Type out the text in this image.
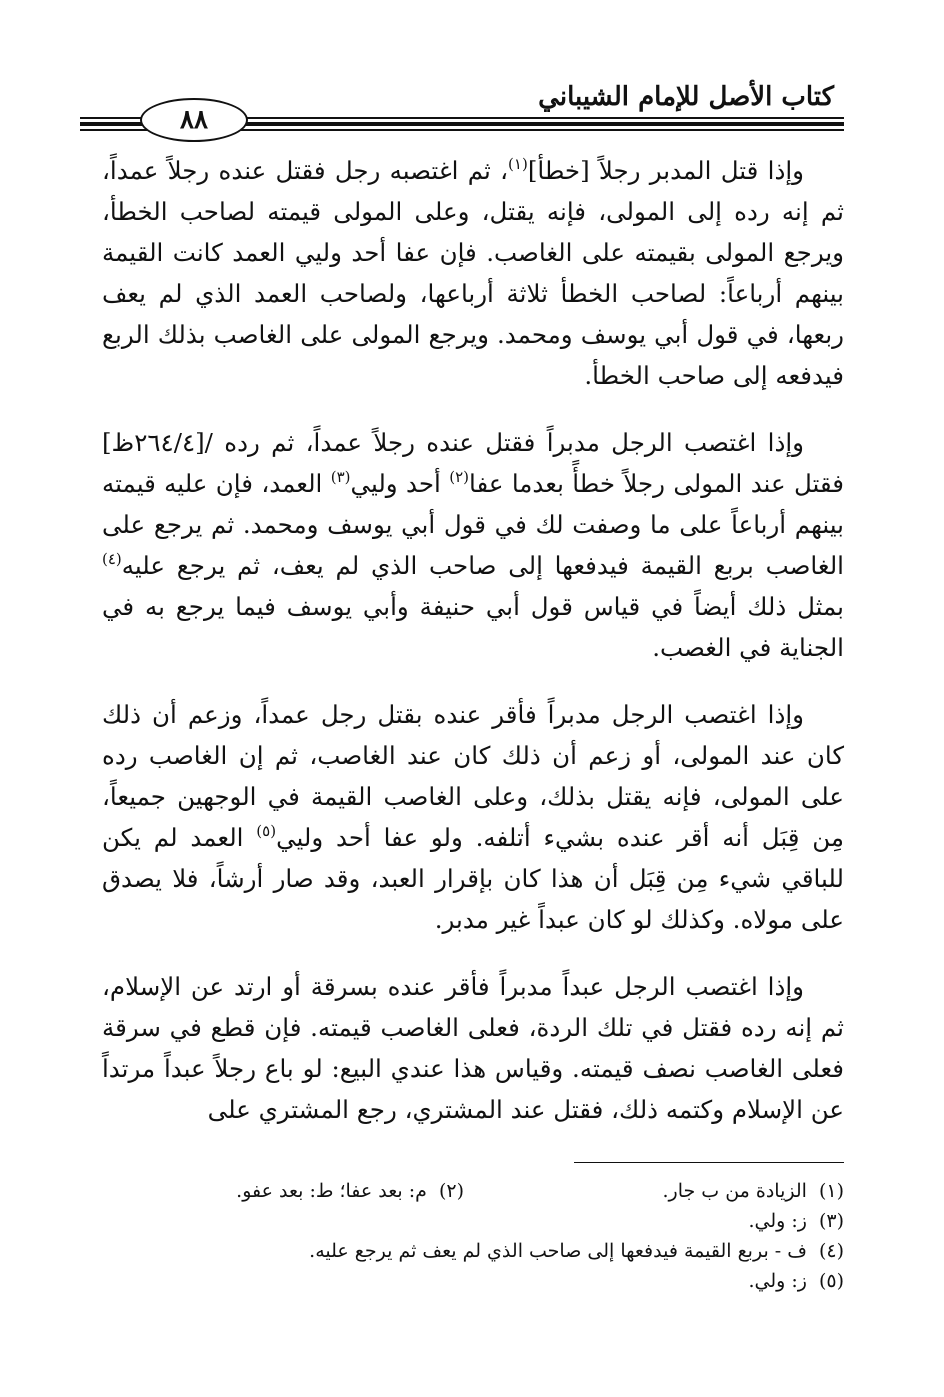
كتاب الأصل للإمام الشيباني
٨٨

وإذا قتل المدبر رجلاً [خطأ]$^{(١)}$، ثم اغتصبه رجل فقتل عنده رجلاً عمداً، ثم إنه رده إلى المولى، فإنه يقتل، وعلى المولى قيمته لصاحب الخطأ، ويرجع المولى بقيمته على الغاصب. فإن عفا أحد وليي العمد كانت القيمة بينهم أرباعاً: لصاحب الخطأ ثلاثة أرباعها، ولصاحب العمد الذي لم يعف ربعها، في قول أبي يوسف ومحمد. ويرجع المولى على الغاصب بذلك الربع فيدفعه إلى صاحب الخطأ.

وإذا اغتصب الرجل مدبراً فقتل عنده رجلاً عمداً، ثم رده /[٢٦٤/٤ظ] فقتل عند المولى رجلاً خطأً بعدما عفا$^{(٢)}$ أحد وليي$^{(٣)}$ العمد، فإن عليه قيمته بينهم أرباعاً على ما وصفت لك في قول أبي يوسف ومحمد. ثم يرجع على الغاصب بربع القيمة فيدفعها إلى صاحب الذي لم يعف، ثم يرجع عليه$^{(٤)}$ بمثل ذلك أيضاً في قياس قول أبي حنيفة وأبي يوسف فيما يرجع به في الجناية في الغصب.

وإذا اغتصب الرجل مدبراً فأقر عنده بقتل رجل عمداً، وزعم أن ذلك كان عند المولى، أو زعم أن ذلك كان عند الغاصب، ثم إن الغاصب رده على المولى، فإنه يقتل بذلك، وعلى الغاصب القيمة في الوجهين جميعاً، مِن قِبَل أنه أقر عنده بشيء أتلفه. ولو عفا أحد وليي$^{(٥)}$ العمد لم يكن للباقي شيء مِن قِبَل أن هذا كان بإقرار العبد، وقد صار أرشاً، فلا يصدق على مولاه. وكذلك لو كان عبداً غير مدبر.

وإذا اغتصب الرجل عبداً مدبراً فأقر عنده بسرقة أو ارتد عن الإسلام، ثم إنه رده فقتل في تلك الردة، فعلى الغاصب قيمته. فإن قطع في سرقة فعلى الغاصب نصف قيمته. وقياس هذا عندي البيع: لو باع رجلاً عبداً مرتداً عن الإسلام وكتمه ذلك، فقتل عند المشتري، رجع المشتري على

(١)الزيادة من ب جار.
(٢)م: بعد عفا؛ ط: بعد عفو.
(٣)ز: ولي.
(٤)ف - بربع القيمة فيدفعها إلى صاحب الذي لم يعف ثم يرجع عليه.
(٥)ز: ولي.
